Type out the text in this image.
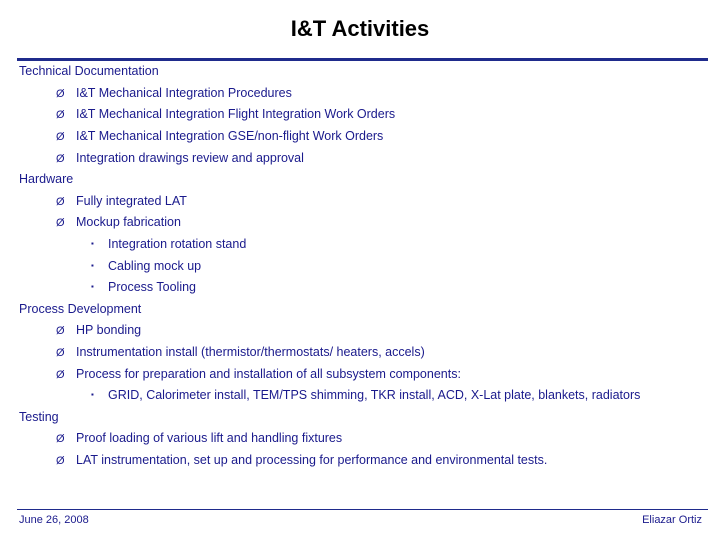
I&T Activities
Technical Documentation
Ø I&T Mechanical Integration Procedures
Ø I&T Mechanical Integration Flight Integration Work Orders
Ø I&T Mechanical Integration GSE/non-flight Work Orders
Ø Integration drawings review and approval
Hardware
Ø Fully integrated LAT
Ø Mockup fabrication
▪ Integration rotation stand
▪ Cabling mock up
▪ Process Tooling
Process Development
Ø HP bonding
Ø Instrumentation install (thermistor/thermostats/ heaters, accels)
Ø Process for preparation and installation of all subsystem components:
▪ GRID, Calorimeter install, TEM/TPS shimming, TKR install, ACD, X-Lat plate, blankets, radiators
Testing
Ø Proof loading of various lift and handling fixtures
Ø LAT instrumentation, set up and processing for performance and environmental tests.
June 26, 2008	Eliazar Ortiz
